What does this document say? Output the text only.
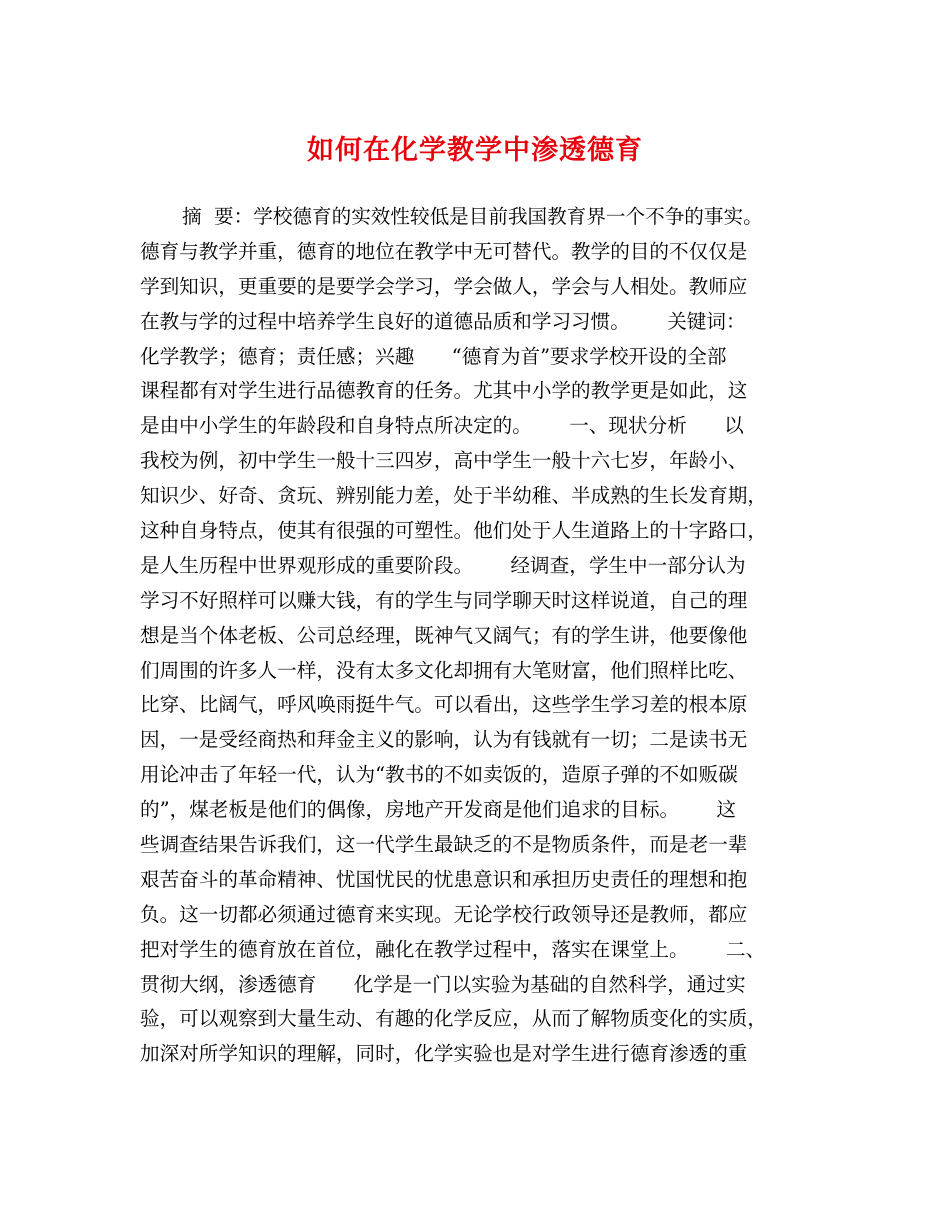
如何在化学教学中渗透德育
摘  要：学校德育的实效性较低是目前我国教育界一个不争的事实。
德育与教学并重，德育的地位在教学中无可替代。教学的目的不仅仅是
学到知识，更重要的是要学会学习，学会做人，学会与人相处。教师应
在教与学的过程中培养学生良好的道德品质和学习习惯。      关键词：
化学教学；德育；责任感；兴趣      “德育为首”要求学校开设的全部
课程都有对学生进行品德教育的任务。尤其中小学的教学更是如此，这
是由中小学生的年龄段和自身特点所决定的。      一、现状分析      以
我校为例，初中学生一般十三四岁，高中学生一般十六七岁，年龄小、
知识少、好奇、贪玩、辨别能力差，处于半幼稚、半成熟的生长发育期，
这种自身特点，使其有很强的可塑性。他们处于人生道路上的十字路口，
是人生历程中世界观形成的重要阶段。      经调查，学生中一部分认为
学习不好照样可以赚大钱，有的学生与同学聊天时这样说道，自己的理
想是当个体老板、公司总经理，既神气又阔气；有的学生讲，他要像他
们周围的许多人一样，没有太多文化却拥有大笔财富，他们照样比吃、
比穿、比阔气，呼风唤雨挺牛气。可以看出，这些学生学习差的根本原
因，一是受经商热和拜金主义的影响，认为有钱就有一切；二是读书无
用论冲击了年轻一代，认为“教书的不如卖饭的，造原子弹的不如贩碳
的”，煤老板是他们的偶像，房地产开发商是他们追求的目标。      这
些调查结果告诉我们，这一代学生最缺乏的不是物质条件，而是老一辈
艰苦奋斗的革命精神、忧国忧民的忧患意识和承担历史责任的理想和抱
负。这一切都必须通过德育来实现。无论学校行政领导还是教师，都应
把对学生的德育放在首位，融化在教学过程中，落实在课堂上。      二、
贯彻大纲，渗透德育      化学是一门以实验为基础的自然科学，通过实
验，可以观察到大量生动、有趣的化学反应，从而了解物质变化的实质，
加深对所学知识的理解，同时，化学实验也是对学生进行德育渗透的重
